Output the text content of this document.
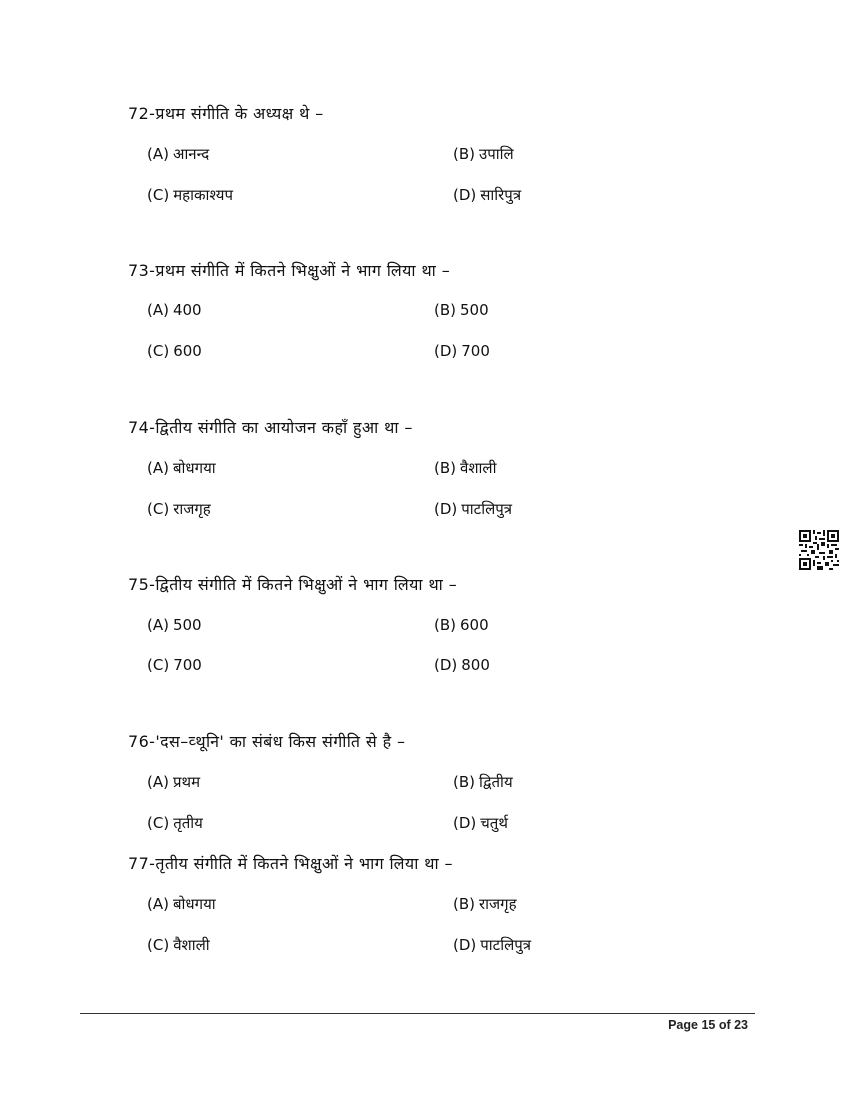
72-प्रथम संगीति के अध्यक्ष थे –
(A) आनन्द	(B) उपालि
(C) महाकाश्यप	(D) सारिपुत्र
73-प्रथम संगीति में कितने भिक्षुओं ने भाग लिया था –
(A) 400	(B) 500
(C) 600	(D) 700
74-द्वितीय संगीति का आयोजन कहाँ हुआ था –
(A) बोधगया	(B) वैशाली
(C) राजगृह	(D) पाटलिपुत्र
75-द्वितीय संगीति में कितने भिक्षुओं ने भाग लिया था –
(A) 500	(B) 600
(C) 700	(D) 800
76-'दस–व्थूनि' का संबंध किस संगीति से है –
(A) प्रथम	(B) द्वितीय
(C) तृतीय	(D) चतुर्थ
77-तृतीय संगीति में कितने भिक्षुओं ने भाग लिया था –
(A) बोधगया	(B) राजगृह
(C) वैशाली	(D) पाटलिपुत्र
Page 15 of 23
